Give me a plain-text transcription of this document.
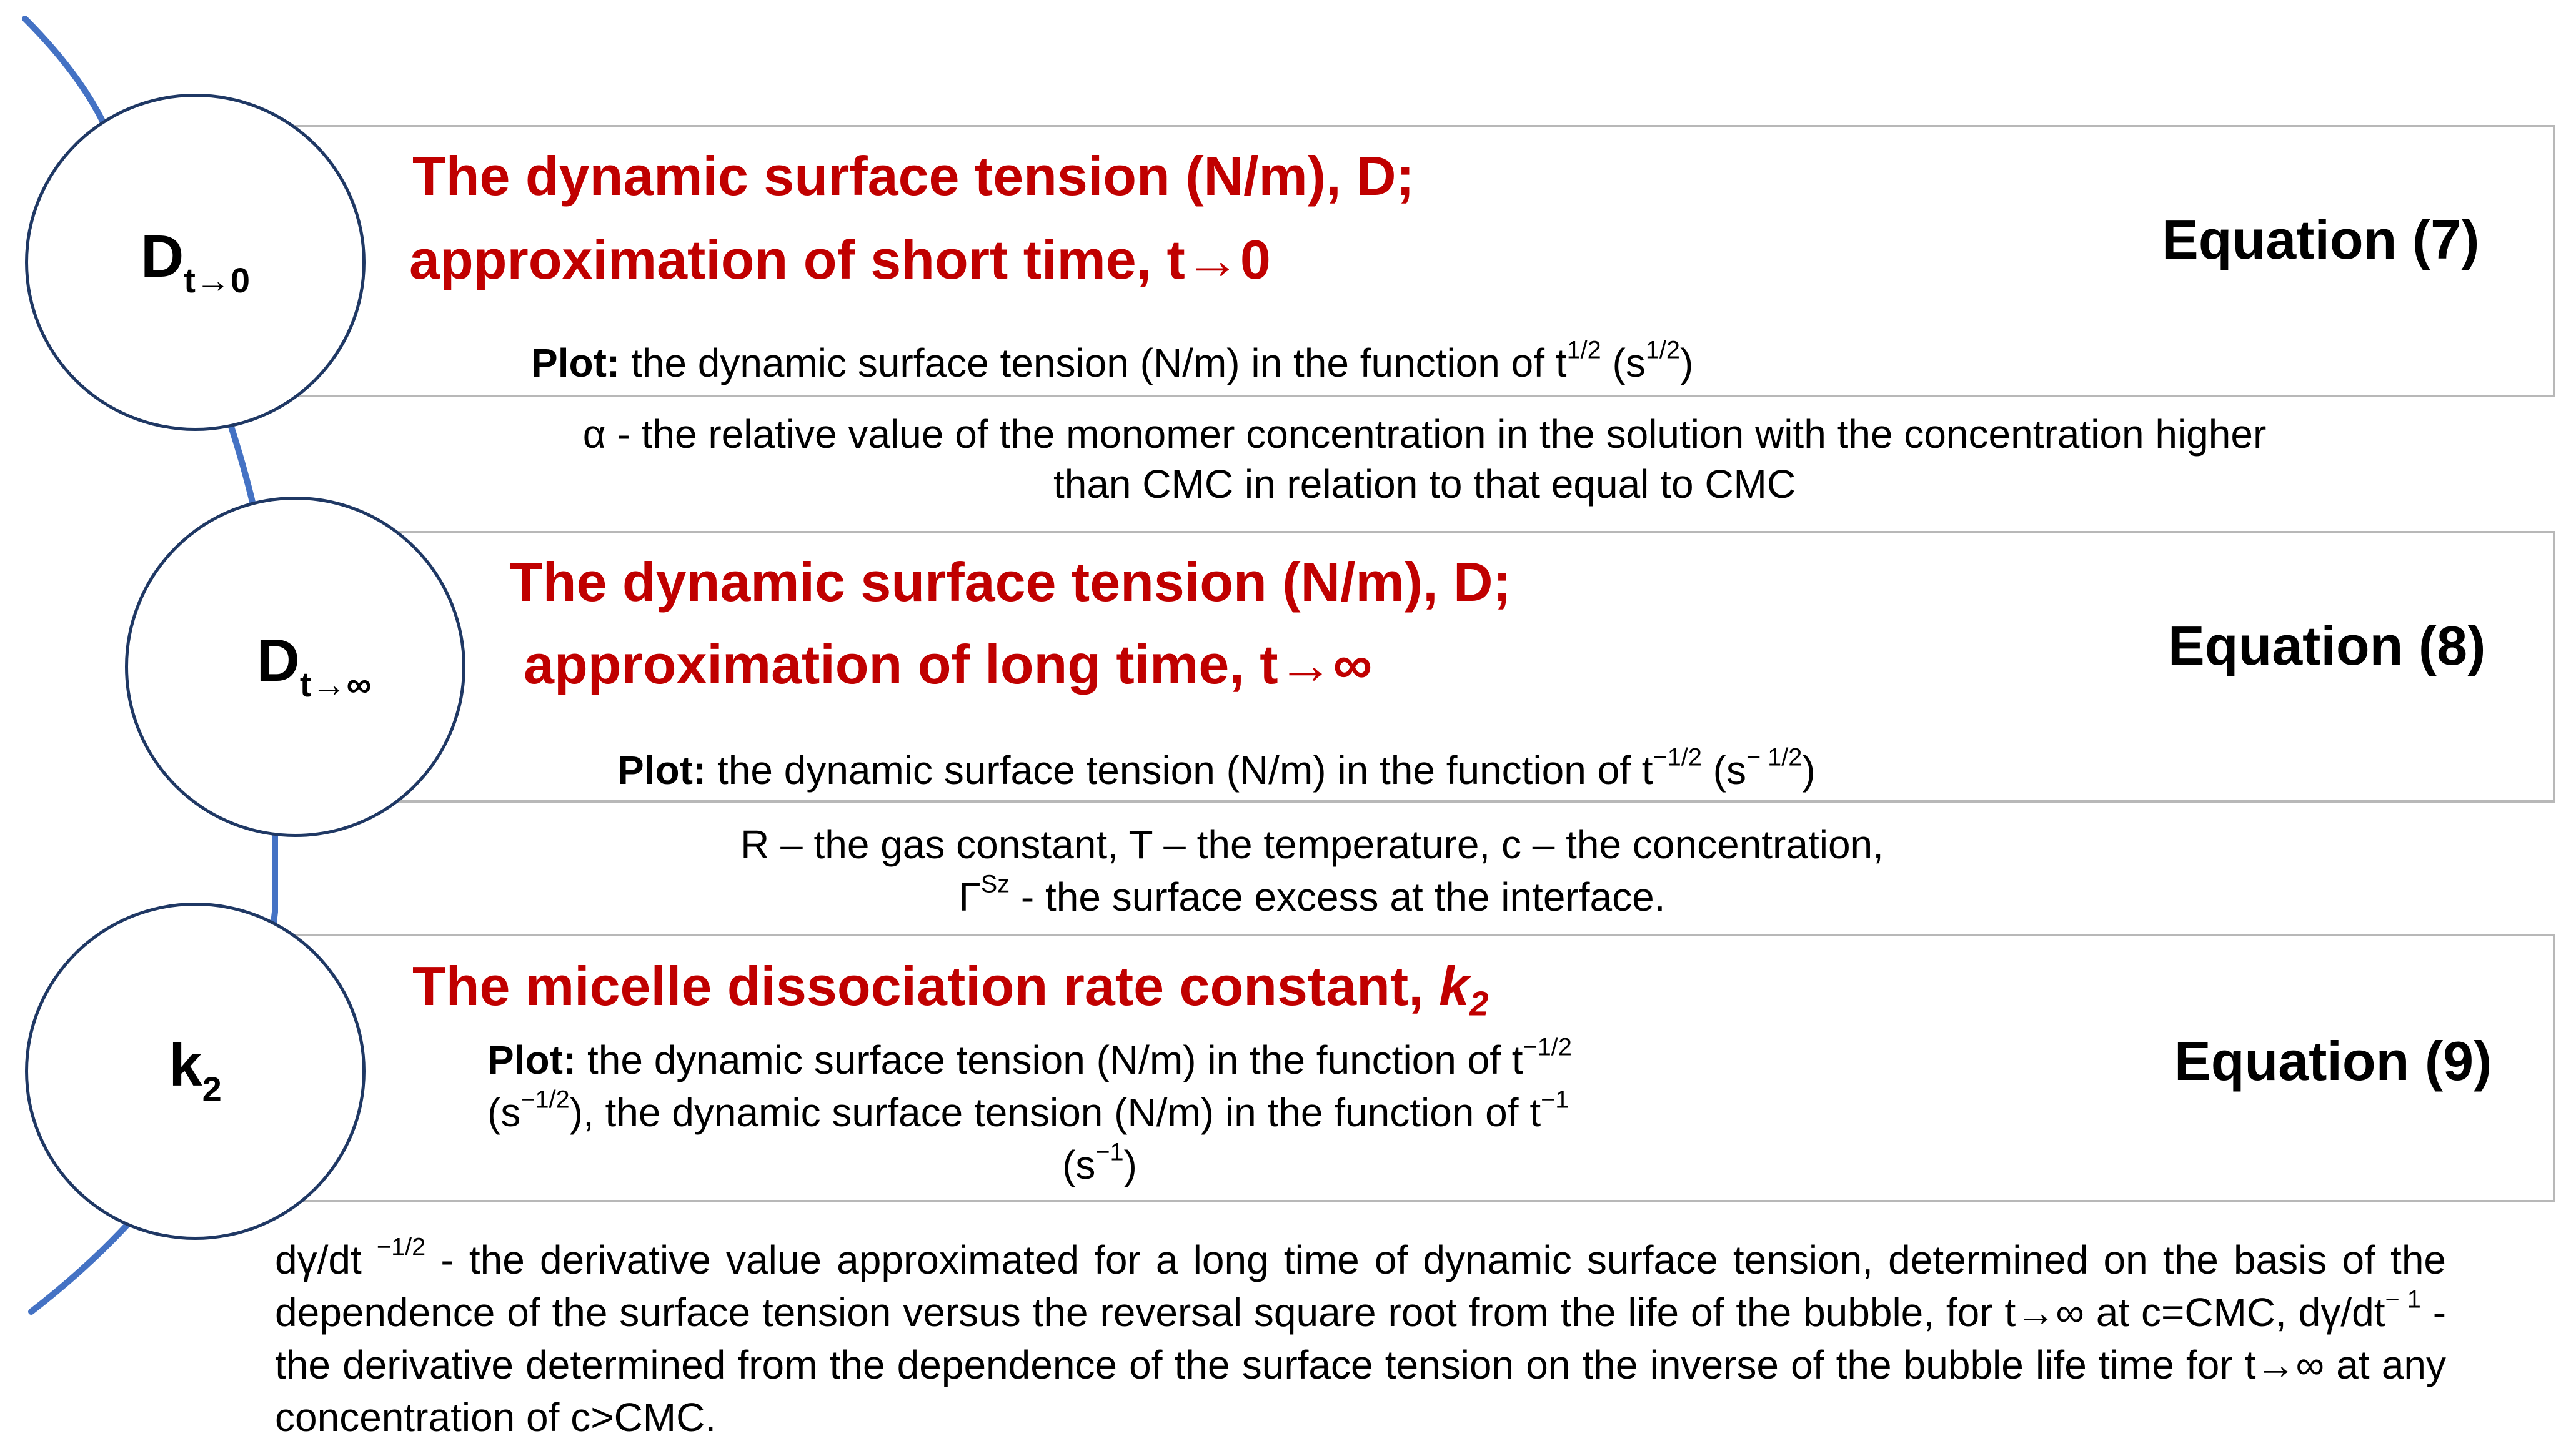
$D_{t\to 0}$
The dynamic surface tension (N/m), D;
approximation of short time, t→0	Equation (7)
Plot: the dynamic surface tension (N/m) in the function of $t^{1/2}$ $(s^{1/2})$
α - the relative value of the monomer concentration in the solution with the concentration higher
than CMC in relation to that equal to CMC
$D_{t\to\infty}$
The dynamic surface tension (N/m), D;
approximation of long time, t→∞	Equation (8)
Plot: the dynamic surface tension (N/m) in the function of $t^{-1/2}$ $(s^{- 1/2})$
R – the gas constant, T – the temperature, c – the concentration,
$\Gamma^{Sz}$ - the surface excess at the interface.
$k_2$
The micelle dissociation rate constant, k2
Equation (9)
Plot: the dynamic surface tension (N/m) in the function of $t^{-1/2}$
$(s^{-1/2})$, the dynamic surface tension (N/m) in the function of $t^{-1}$
$(s^{-1})$
dγ/dt $^{-1/2}$ - the derivative value approximated for a long time of dynamic surface tension, determined on the basis of the dependence of the surface tension versus the reversal square root from the life of the bubble, for t→∞ at c=CMC, $d\gamma/dt^{- 1}$ - the derivative determined from the dependence of the surface tension on the inverse of the bubble life time for t→∞ at any concentration of c>CMC.
